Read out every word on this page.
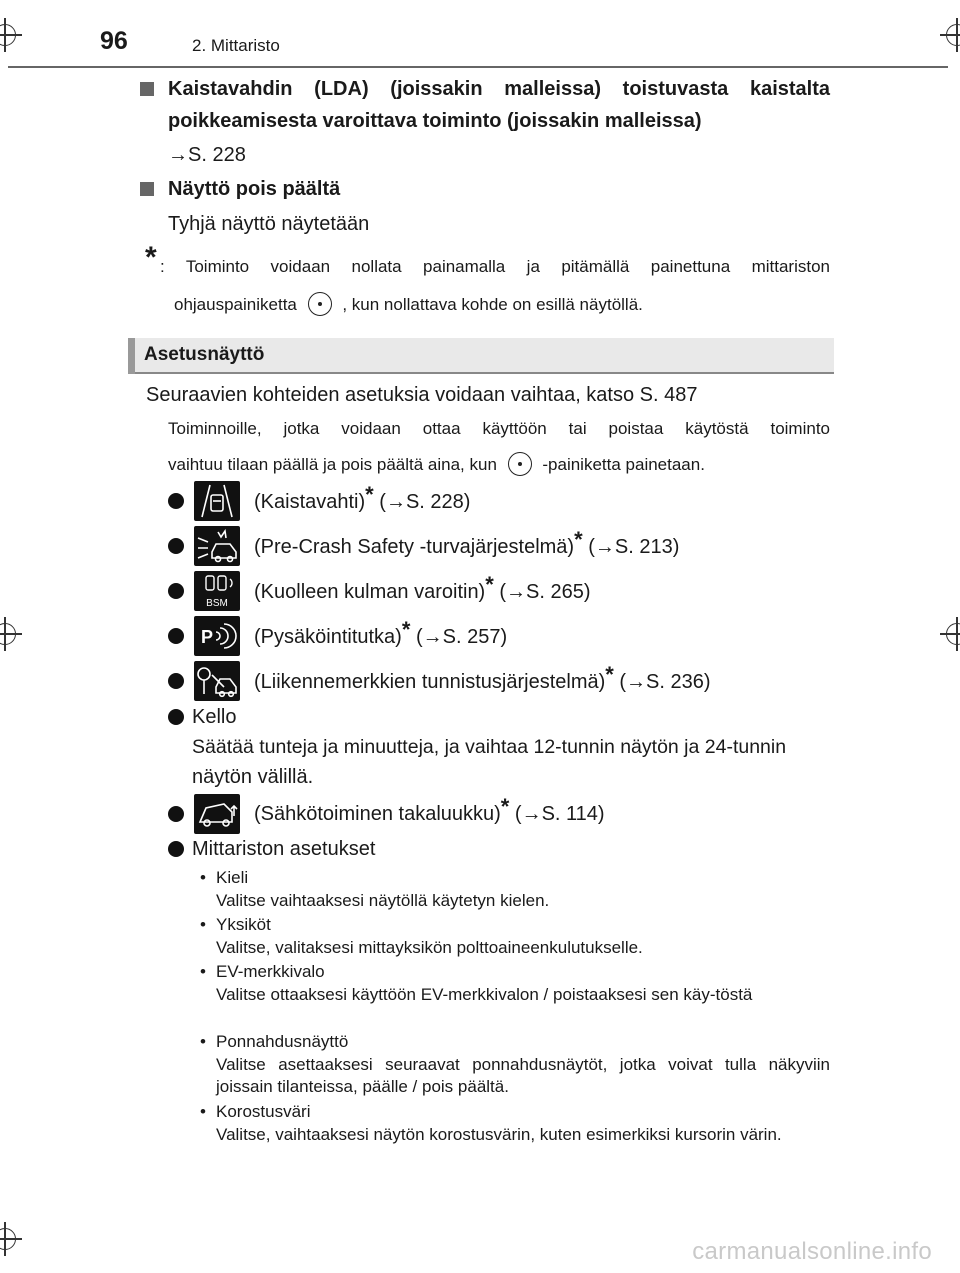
96	2. Mittaristo
Kaistavahdin (LDA) (joissakin malleissa) toistuvasta kaistalta
poikkeamisesta varoittava toiminto (joissakin malleissa)
→S. 228
Näyttö pois päältä
Tyhjä näyttö näytetään
* : Toiminto voidaan nollata painamalla ja pitämällä painettuna mittariston
ohjauspainiketta	, kun nollattava kohde on esillä näytöllä.
Asetusnäyttö
Seuraavien kohteiden asetuksia voidaan vaihtaa, katso S. 487
Toiminnoille, jotka voidaan ottaa käyttöön tai poistaa käytöstä toiminto
vaihtuu tilaan päällä ja pois päältä aina, kun	-painiketta painetaan.
(Kaistavahti)* (→S. 228)
(Pre-Crash Safety -turvajärjestelmä)* (→S. 213)
BSM
(Kuolleen kulman varoitin)* (→S. 265)
P (Pysäköintitutka)* (→S. 257)
(Liikennemerkkien tunnistusjärjestelmä)* (→S. 236)
Kello
Säätää tunteja ja minuutteja, ja vaihtaa 12-tunnin näytön ja 24-tunnin
näytön välillä.
(Sähkötoiminen takaluukku)* (→S. 114)
Mittariston asetukset
• Kieli
Valitse vaihtaaksesi näytöllä käytetyn kielen.
• Yksiköt
Valitse, valitaksesi mittayksikön polttoaineenkulutukselle.
• EV-merkkivalo
Valitse ottaaksesi käyttöön EV-merkkivalon / poistaaksesi sen käy-töstä
• Ponnahdusnäyttö
Valitse asettaaksesi seuraavat ponnahdusnäytöt, jotka voivat tulla näkyviin joissain tilanteissa, päälle / pois päältä.
• Korostusväri
Valitse, vaihtaaksesi näytön korostusvärin, kuten esimerkiksi kursorin värin.
carmanualsonline.info
